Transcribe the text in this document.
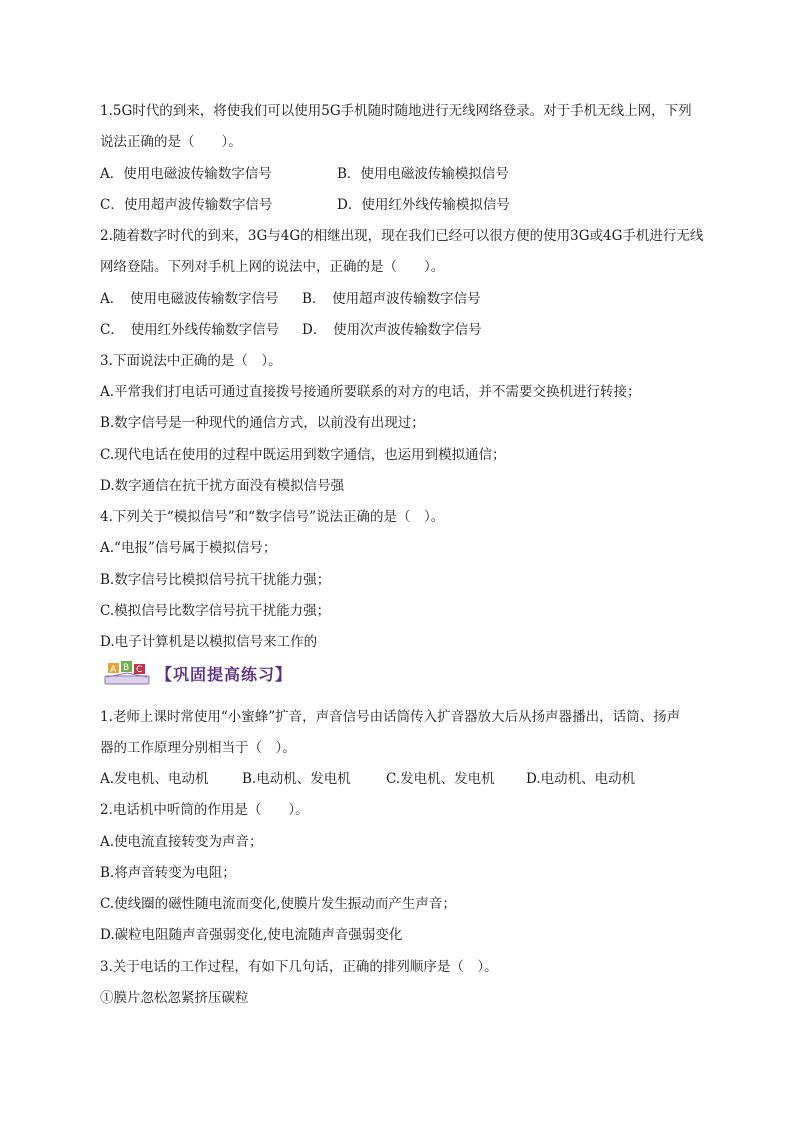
1.5G时代的到来，将使我们可以使用5G手机随时随地进行无线网络登录。对于手机无线上网，下列
说法正确的是（　　）。
A．使用电磁波传输数字信号	B．使用电磁波传输模拟信号
C．使用超声波传输数字信号	D．使用红外线传输模拟信号
2.随着数字时代的到来，3G与4G的相继出现，现在我们已经可以很方便的使用3G或4G手机进行无线
网络登陆。下列对手机上网的说法中，正确的是（　　）。
A．　使用电磁波传输数字信号	B．　使用超声波传输数字信号
C．　使用红外线传输数字信号	D．　使用次声波传输数字信号
3.下面说法中正确的是（　）。
A.平常我们打电话可通过直接拨号接通所要联系的对方的电话，并不需要交换机进行转接；
B.数字信号是一种现代的通信方式，以前没有出现过；
C.现代电话在使用的过程中既运用到数字通信，也运用到模拟通信；
D.数字通信在抗干扰方面没有模拟信号强
4.下列关于“模拟信号”和“数字信号”说法正确的是（　）。
A.“电报”信号属于模拟信号；
B.数字信号比模拟信号抗干扰能力强；
C.模拟信号比数字信号抗干扰能力强；
D.电子计算机是以模拟信号来工作的
A B C 【巩固提高练习】
1.老师上课时常使用“小蜜蜂”扩音，声音信号由话筒传入扩音器放大后从扬声器播出，话筒、扬声
器的工作原理分别相当于（　）。
A.发电机、电动机	B.电动机、发电机	C.发电机、发电机	D.电动机、电动机
2.电话机中听筒的作用是（　　）。
A.使电流直接转变为声音；
B.将声音转变为电阻；
C.使线圈的磁性随电流而变化,使膜片发生振动而产生声音；
D.碳粒电阻随声音强弱变化,使电流随声音强弱变化
3.关于电话的工作过程，有如下几句话，正确的排列顺序是（　）。
①膜片忽松忽紧挤压碳粒
